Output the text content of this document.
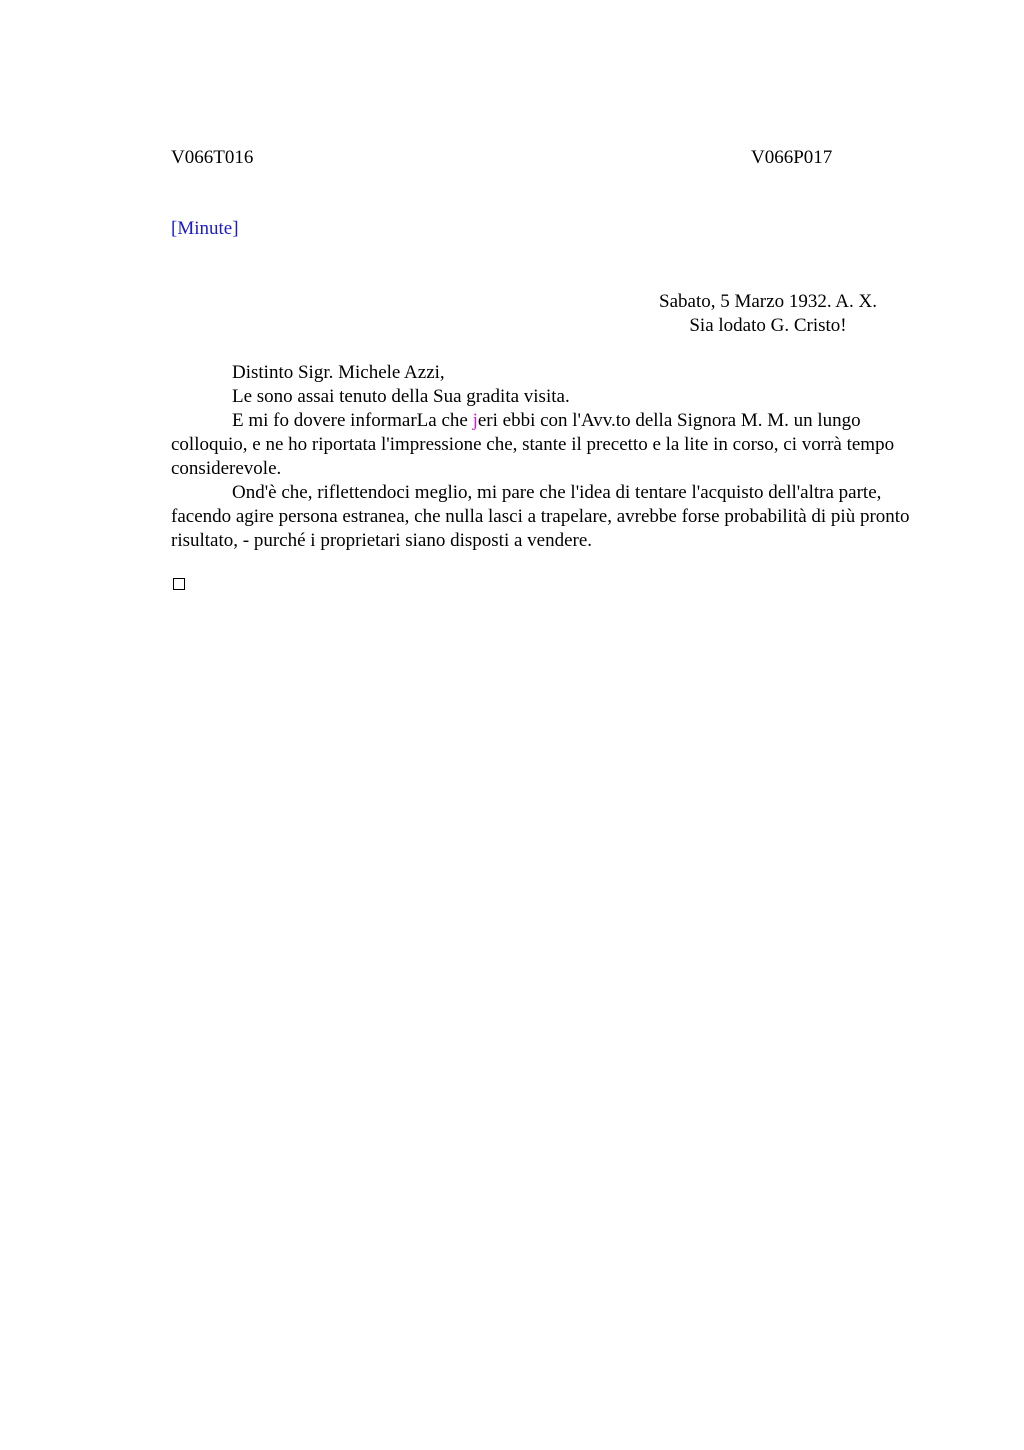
V066T016	V066P017
[Minute]
Sabato, 5 Marzo 1932. A. X.
Sia lodato G. Cristo!

Distinto Sigr. Michele Azzi,

Le sono assai tenuto della Sua gradita visita.

E mi fo dovere informarLa che jeri ebbi con l'Avv.to della Signora M. M. un lungo colloquio, e ne ho riportata l'impressione che, stante il precetto e la lite in corso, ci vorrà tempo considerevole.

Ond'è che, riflettendoci meglio, mi pare che l'idea di tentare l'acquisto dell'altra parte, facendo agire persona estranea, che nulla lasci a trapelare, avrebbe forse probabilità di più pronto risultato, - purché i proprietari siano disposti a vendere.
